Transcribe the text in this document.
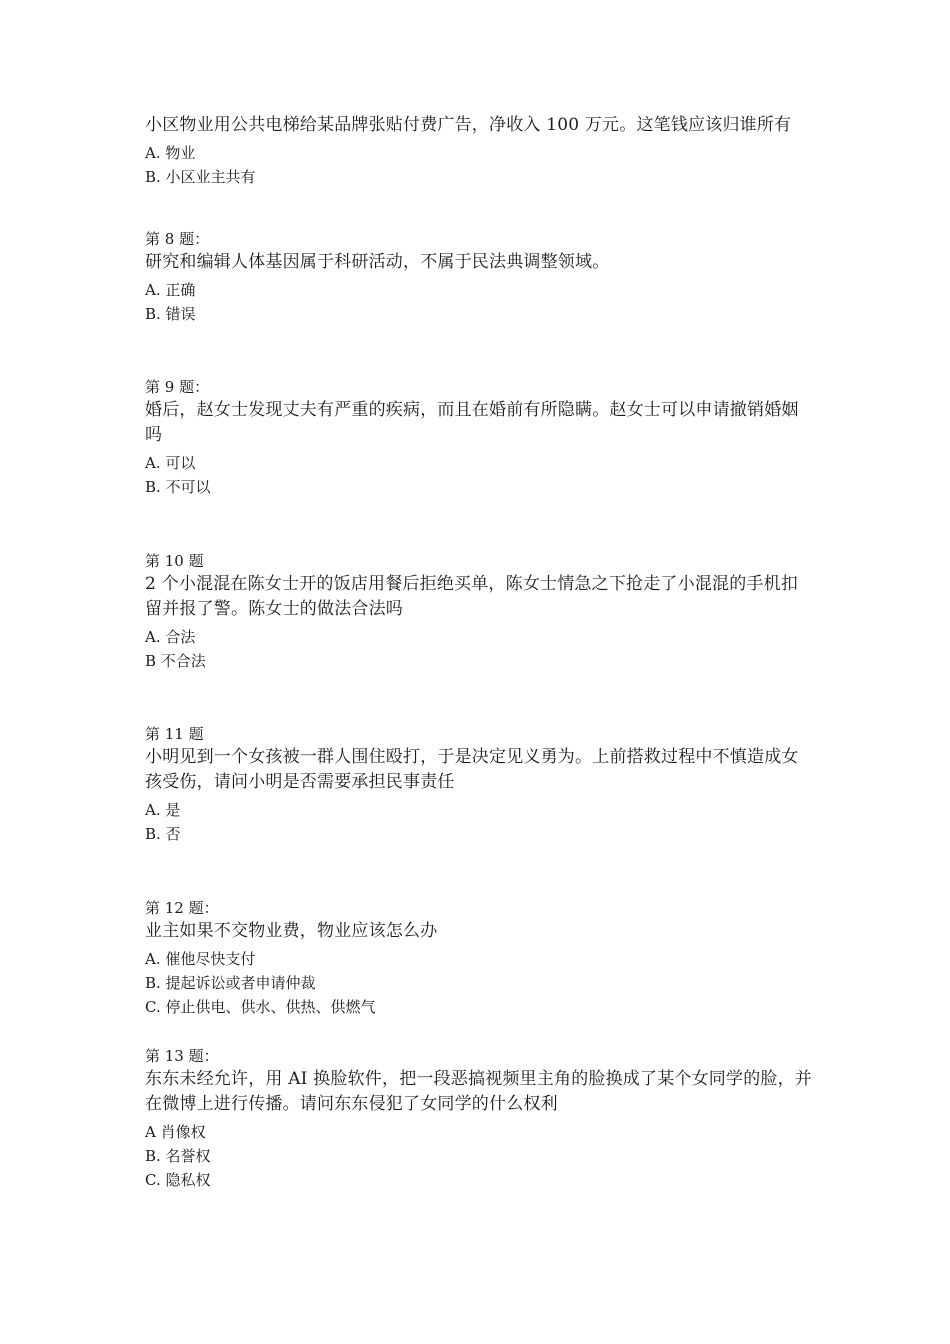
小区物业用公共电梯给某品牌张贴付费广告，净收入 100 万元。这笔钱应该归谁所有

A. 物业

B. 小区业主共有

第 8 题：

研究和编辑人体基因属于科研活动，不属于民法典调整领域。

A. 正确

B. 错误

第 9 题：

婚后，赵女士发现丈夫有严重的疾病，而且在婚前有所隐瞒。赵女士可以申请撤销婚姻吗

A. 可以

B. 不可以

第 10 题

2 个小混混在陈女士开的饭店用餐后拒绝买单，陈女士情急之下抢走了小混混的手机扣留并报了警。陈女士的做法合法吗

A. 合法

B 不合法

第 11 题

小明见到一个女孩被一群人围住殴打，于是决定见义勇为。上前搭救过程中不慎造成女孩受伤，请问小明是否需要承担民事责任

A. 是

B. 否

第 12 题：

业主如果不交物业费，物业应该怎么办

A. 催他尽快支付

B. 提起诉讼或者申请仲裁

C. 停止供电、供水、供热、供燃气

第 13 题：

东东未经允许，用 AI 换脸软件，把一段恶搞视频里主角的脸换成了某个女同学的脸，并在微博上进行传播。请问东东侵犯了女同学的什么权利

A 肖像权

B. 名誉权

C. 隐私权
